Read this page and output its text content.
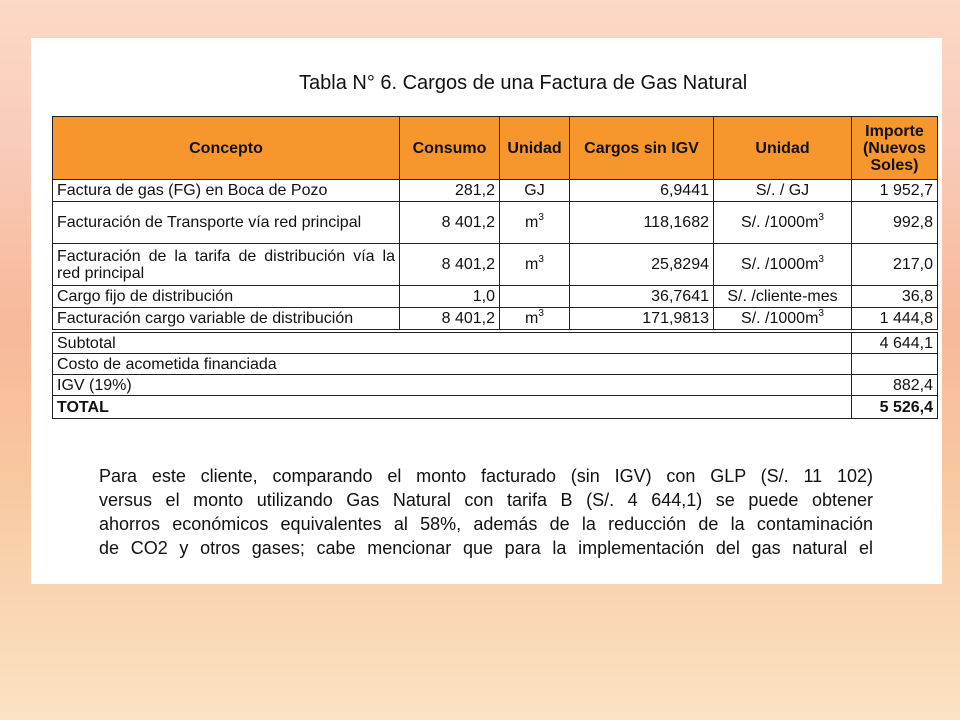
Tabla N° 6. Cargos de una Factura de Gas Natural
Concepto	Consumo	Unidad	Cargos sin IGV	Unidad	Importe
(Nuevos
Soles)
Factura de gas (FG) en Boca de Pozo	281,2	GJ	6,9441	S/. / GJ	1 952,7
Facturación de Transporte vía red principal	8 401,2	$m^3$	118,1682	S/. $/1000m^3$	992,8
Facturación de la tarifa de distribución vía la red principal	8 401,2	$m^3$	25,8294	S/. $/1000m^3$	217,0
Cargo fijo de distribución	1,0		36,7641	S/. /cliente-mes	36,8
Facturación cargo variable de distribución	8 401,2	$m^3$	171,9813	S/. $/1000m^3$	1 444,8

Subtotal					4 644,1
Costo de acometida financiada					
IGV (19%)					882,4
TOTAL					5 526,4
Para este cliente, comparando el monto facturado (sin IGV) con GLP (S/. 11 102)
versus el monto utilizando Gas Natural con tarifa B (S/. 4 644,1) se puede obtener
ahorros económicos equivalentes al 58%, además de la reducción de la contaminación
de CO2 y otros gases; cabe mencionar que para la implementación del gas natural el
